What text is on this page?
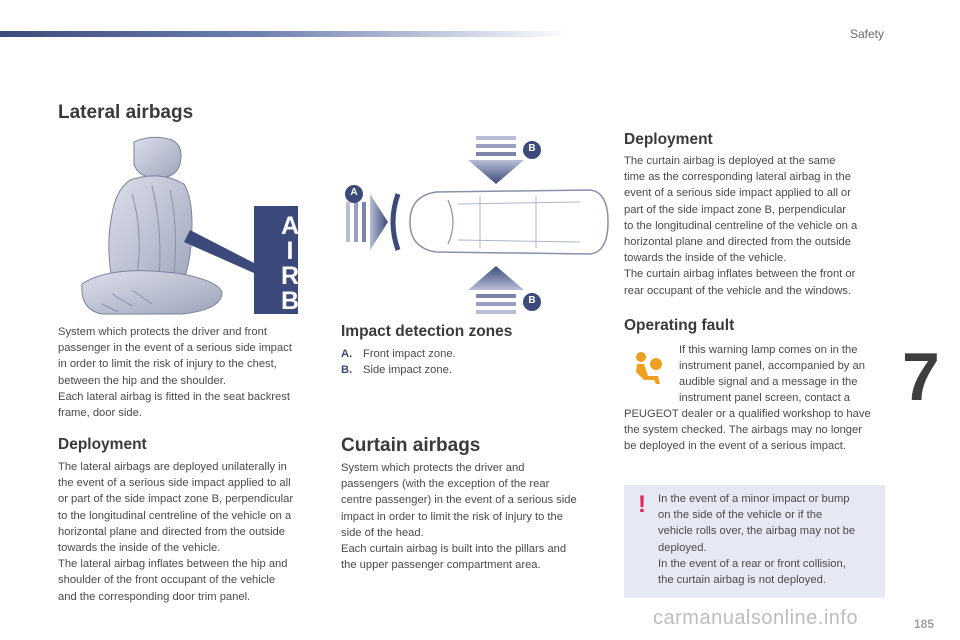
Safety
Lateral airbags
AIRBAG
System which protects the driver and front
passenger in the event of a serious side impact
in order to limit the risk of injury to the chest,
between the hip and the shoulder.
Each lateral airbag is fitted in the seat backrest
frame, door side.
Deployment
The lateral airbags are deployed unilaterally in
the event of a serious side impact applied to all
or part of the side impact zone B, perpendicular
to the longitudinal centreline of the vehicle on a
horizontal plane and directed from the outside
towards the inside of the vehicle.
The lateral airbag inflates between the hip and
shoulder of the front occupant of the vehicle
and the corresponding door trim panel.
B
B
A
Impact detection zones
A. Front impact zone.
B. Side impact zone.
Curtain airbags
System which protects the driver and
passengers (with the exception of the rear
centre passenger) in the event of a serious side
impact in order to limit the risk of injury to the
side of the head.
Each curtain airbag is built into the pillars and
the upper passenger compartment area.
Deployment
The curtain airbag is deployed at the same
time as the corresponding lateral airbag in the
event of a serious side impact applied to all or
part of the side impact zone B, perpendicular
to the longitudinal centreline of the vehicle on a
horizontal plane and directed from the outside
towards the inside of the vehicle.
The curtain airbag inflates between the front or
rear occupant of the vehicle and the windows.
Operating fault
If this warning lamp comes on in the
instrument panel, accompanied by an
audible signal and a message in the
instrument panel screen, contact a
PEUGEOT dealer or a qualified workshop to have
the system checked. The airbags may no longer
be deployed in the event of a serious impact.
! In the event of a minor impact or bump
on the side of the vehicle or if the
vehicle rolls over, the airbag may not be
deployed.
In the event of a rear or front collision,
the curtain airbag is not deployed.
7
carmanualsonline.info	185
